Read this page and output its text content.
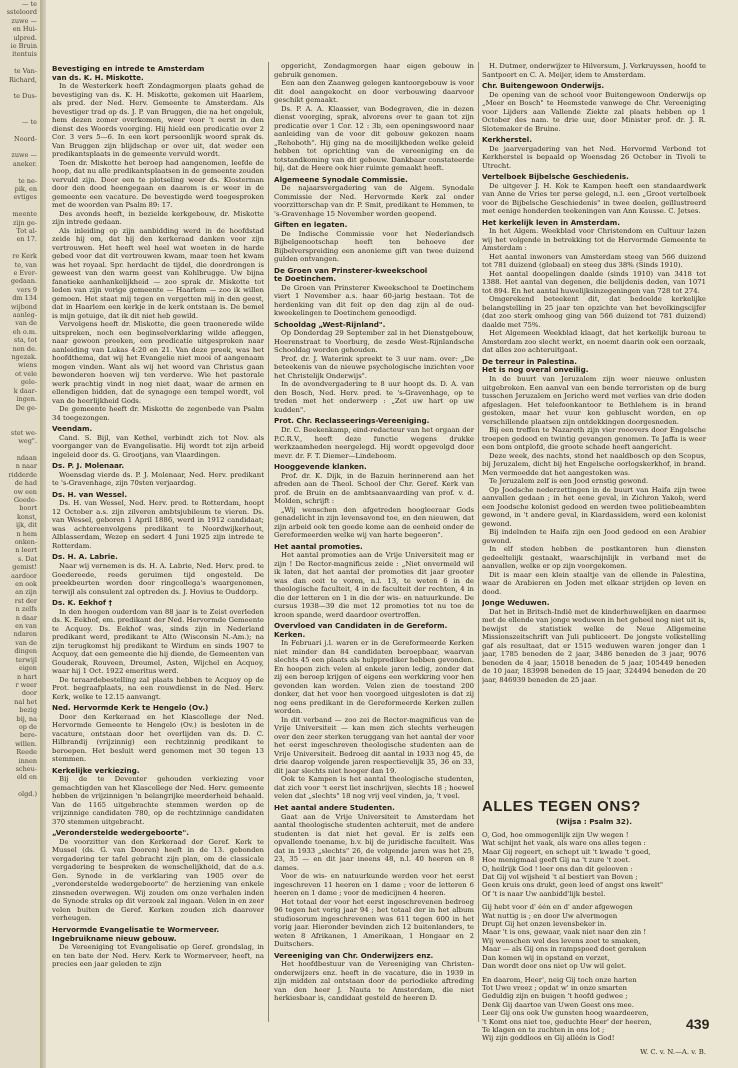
— te
ssteloord
zuwe —
en Hui-
ulpred.
ie Bruin
itentuis

te Van-
Richard,

te Dus-

— te

Noord-

zuwe —
aneker.

te ne-
pik, en
evtiges

meente
zijn ge-
Tot al-
en 17.

re Kerk
te, van
e Ever-
gedaan.
vers 9
dm 134
wijbond
aanleg-
van de
eh o.m.
sta, tot
nen de.
ngezak.
wiens
ot vele
gele-
k daar-
ingen.
De ge-

stet we-
weg".

ndaan
n naar
ridderde
de had
ow een
Goede-
boort
konst,
ijk, dit
n hem
onken-
n leert
s. Dat
gemist!
aardoor
en ook
an zijn
rst der
n zelfs
n daar
en van
ndaren
van de
dingen
terwijl
eigen
n hart
r weer
door
nal het
bezig
bij, na
op de
bere-
willen.
Reede
innen
scheu-
eld en

olgd.)
Bevestiging en intrede te Amsterdam
van ds. K. H. Miskotte.

In de Westerkerk heeft Zondagmorgen plaats gehad de bevestiging van ds. K. H. Miskotte, gekomen uit Haarlem, als pred. der Ned. Herv. Gemeente te Amsterdam. Als bevestiger trad op ds. J. P. van Bruggen, die na het ongeluk, hem dezen zomer overkomen, weer voor 't eerst in den dienst des Woords voorging. Hij hield een predicatie over 2 Cor. 3 vers 5—6. In een kort persoonlijk woord sprak ds. Van Bruggen zijn blijdschap er over uit, dat weder een predikantsplaats in de gemeente vervuld wordt.

Toen dr. Miskotte het beroep had aangenomen, leefde de hoop, dat nu alle predikantsplaatsen in de gemeente zouden vervuld zijn. Door een te plotseling weer ds. Klosterman door den dood heengegaan en daarom is er weer in de gemeente een vacature. De bevestigde werd toegesproken met de woorden van Psalm 89: 17.

Des avonds heeft, in bezielde kerkgebouw, dr. Miskotte zijn intrede gedaan.

Als inleiding op zijn aanbidding werd in de hoofdstad zeide hij om, dat hij den kerkeraad danken voor zijn vertrouwen. Het heeft wel heel wat woeten in de harde gebed voor dat dit vertrouwen kwam, maar toen het kwam was het royaal. Spr. herdacht de tijdel, die doordrongen is geweest van den warm geest van Kohlbrugge. Uw bijna fanatieke aanhankelijkheid — zoo sprak dr. Miskotte tot leden van zijn vorige gemeente — Haarlem — zoo ik willen gemoen. Het staat mij tegen en vergetten mij in den geest, dat in Haarlem een kerkje in de kerk ontstaan is. De bemel is mijn getuige, dat ik dit niet heb gewild.

Vervolgens heeft dr. Miskotte, die geen traonerede wilde uitspreken, noch een beginselverklaring wilde afleggen, naar gewoon preeken, een predicatie uitgesproken naar aanleiding van Lukas 4:20 en 21. Van deze preek, was het hoofdthema, dat wij het Evangelie niet mooi of aangenaam mogen vinden. Want als wij het woord van Christus gaan bewonderen hoeven wij ten verderve. Wie het pastorale werk prachtig vindt in nog niet daat, waar de armen en ellendigen bidden, dat de synagoge een tempel wordt, vol van de heerlijkheid Gods.

De gemeente heeft dr. Miskotte de zegenbede van Psalm 34 toegezongen.

Veendam.

Cand. S. Bijl, van Kethel, verbindt zich tot Nov. als voorganger van de Evangelisatie. Hij wordt tot zijn arbeid ingeleid door ds. G. Grootjans, van Vlaardingen.

Ds. P. J. Molenaar.

Woensdag vierde ds. P. J. Molenaar, Ned. Herv. predikant te 's-Gravenhage, zijn 70sten verjaardag.

Ds. H. van Wessel.

Ds. H. van Wessel, Ned. Herv. pred. te Rotterdam, hoopt 12 October a.s. zijn zilveren ambtsjubileum te vieren. Ds. van Wessel, geboren 1 April 1886, werd in 1912 candidaat; was achtereenvolgens predikant te Noordwijkerhout, Alblasserdam, Wezep en sedert 4 Juni 1925 zijn intrede te Rotterdam.

Ds. H. A. Labrie.

Naar wij vernemen is ds. H. A. Labrie, Ned. Herv. pred. te Goedereede, reeds geruimen tijd ongesteld. De preekbeurten worden door ringcollega's waargenomen, terwijl als consulent zal optreden ds. J. Hovius te Ouddorp.

Ds. K. Eekhof †

In den hoogen ouderdom van 88 jaar is te Zeist overleden ds. K. Eekhof, em. predikant der Ned. Hervormde Gemeente te Acquoy. Ds. Eekhof was, sinds zijn in Nederland predikant werd, predikant te Alto (Wisconsin N.-Am.); na zijn terugkomst hij predikant te Wirdum en sinds 1907 te Acquoy, dat een gemeente die hij diende, de Gemeenten van Gouderak, Rouveen, Dreumel, Asten, Wijchel en Acquoy, waar hij 1 Oct. 1922 emeritus werd.

De teraardebestelling zal plaats hebben te Acquoy op de Prot. begraafplaats, na een rouwdienst in de Ned. Herv. Kerk, welke te 12.15 aanvangt.

Ned. Hervormde Kerk te Hengelo (Ov.)

Door den Kerkeraad en het Klascollege der Ned. Hervormde Gemeente te Hengelo (Ov.) is besloten in de vacature, ontstaan door het overlijden van ds. D. C. Hilbrandij (vrijzinnig) een rechtzinnig predikant te beroepen. Het besluit werd genomen met 30 tegen 13 stemmen.

Kerkelijke verkiezing.

Bij de te Deventer gehouden verkiezing voor gemachtigden van het Klascollege der Ned. Herv. gemeente hebben de vrijzinnigen 'n belangrijke meerderheid behaald. Van de 1165 uitgebrachte stemmen werden op de vrijzinnige candidaten 780, op de rechtzinnige candidaten 370 stemmen uitgebracht.

„Veronderstelde wedergeboorte".

De voorzitter van den Kerkeraad der Geref. Kerk te Mussel (ds. G. van Dooren) heeft in de 13. gebonden vergadering ter tafel gebracht zijn plan, om de classicale vergadering te bespreken de wenschelijkheid, dat de a.s. Gen. Synode in de verklaring van 1905 over de „veronderstelde wedergeboorte" de herziening van enkele zinsneden overwegen. Wij zouden om onze verhalen inden de Synode straks op dit verzoek zal ingaan. Velen in en zeer velen buiten de Geref. Kerken zouden zich daarover verheugen.

Hervormde Evangelisatie te Wormerveer.
Ingebruikname nieuw gebouw.

De Vereeniging tot Evangelisatie op Geref. grondslag, in en ten bate der Ned. Herv. Kerk te Wormerveer, heeft, na precies een jaar geleden te zijn

opgericht, Zondagmorgen haar eigen gebouw in gebruik genomen.

Een aan den Zaanweg gelegen kantoorgebouw is voor dit doel aangekocht en door verbouwing daarvoor geschikt gemaakt.

Ds. P. A. A. Klaasser, van Bodegraven, die in dezen dienst voorging, sprak, alvorens over te gaan tot zijn predicatie over 1 Cor. 12 : 3b, een openingswoord naar aanleiding van de voor dit gebouw gekozen naam „Rehoboth". Hij ging na de moeilijkheden welke geleid hebben tot oprichting van de vereeniging en de totstandkoming van dit gebouw. Dankbaar constateerde hij, dat de Heere ook hier ruimte gemaakt heeft.

Algemeene Synodale Commissie.

De najaarsvergadering van de Algem. Synodale Commissie der Ned. Hervormde Kerk zal onder voorzitterschap van dr. P. Smit, predikant te Hemmen, te 's-Gravenhage 15 November worden geopend.

Giften en legaten.

De Indische Commissie voor het Nederlandsch Bijbelgenootschap heeft ten behoeve der Bijbelverspreiding een anonieme gift van twee duizend gulden ontvangen.

De Groen van Prinsterer-kweekschool
te Doetinchem.

De Groen van Prinsterer Kweekschool te Doetinchem viert 1 November a.s. haar 60-jarig bestaan. Tot de herdenking van dit feit op den dag zijn al de oud-kweekelingen te Doetinchem genoodigd.

Schooldag „West-Rijnland".

Op Donderdag 29 September zal in het Dienstgebouw, Heerenstraat te Voorburg, de zesde West-Rijnlandsche Schooldag worden gehouden.

Prof. dr. J. Waterink spreekt te 3 uur nam. over: „De beteekenis van de nieuwe psychologische inzichten voor het Christelijk Onderwijs".

In de avondvergadering te 8 uur hoopt ds. D. A. van den Bosch, Ned. Herv. pred. te 's-Gravenhage, op te treden met het onderwerp : „Zet uw hart op uw kudden".

Prot. Chr. Reclasseerings-Vereeniging.

Dr. C. Beekenkamp, eind-redacteur van het orgaan der P.C.R.V., heeft deze functie wegens drukke werkzaamheden neergelegd. Hij wordt opgevolgd door mevr. dr. F. T. Diemer—Lindeboom.

Hooggevende klanken.

Prof. dr. K. Dijk, in de Bazuin herinnerend aan het afreden aan de Theol. School der Chr. Geref. Kerk van prof. de Bruin en de ambtsaanvaarding van prof. v. d. Molden, schrijft :

„Wij wenschen den afgetreden hoogleeraar Gods genadelicht in zijn levensavond toe, en den nieuwen, dat zijn arbeid ook ten goede kome aan de eenheid onder de Gereformeerden welke wij van harte begeeren".

Het aantal promoties.

Het aantal promoties aan de Vrije Universiteit mag er zijn ! De Rector-magnificus zeide : „Niet onvermeld wil ik laten, dat het aantal der promoties dit jaar grooter was dan ooit te voren, n.l. 13, te weten 6 in de theologische faculteit, 4 in de faculteit der rechten, 4 in die der letteren en 1 in die der wis- en natuurkunde. De cursus 1938—39 die met 12 promoties tot nu toe de kroon spande, werd daardoor overtroffen.

Overvloed van Candidaten in de Gereform. Kerken.

In Februari j.l. waren er in de Gereformeerde Kerken niet minder dan 84 candidaten beroepbaar, waarvan slechts 45 een plaats als hulpprediker hebben gevonden. En hoopen zich velen al enkele jaren ledig, zonder dat zij een beroep krijgen of eigens een werkkring voor hen gevonden kan worden. Velen zien de toestand 200 donker, dat het voor hen voorgoed uitgesloten is dat zij nog eens predikant in de Gereformeerde Kerken zullen worden.

In dit verband — zoo zei de Rector-magnificus van de Vrije Universiteit — kan men zich slechts verheugen over den zeer sterken teruggang van het aantal der voor het eerst ingeschreven theologische studenten aan de Vrije Universiteit. Bedroeg dit aantal in 1933 nog 45, de drie daarop volgende jaren respectievelijk 35, 36 en 33, dit jaar slechts niet hooger dan 19.

Ook te Kampen is het aantal theologische studenten, dat zich voor 't eerst liet inschrijven, slechts 18 ; hoewel velen dat „slechts" 18 nog vrij veel vinden, ja, 't veel.

Het aantal andere Studenten.

Gaat aan de Vrije Universiteit te Amsterdam het aantal theologische studenten achteruit, met de andere studenten is dat niet het geval. Er is zelfs een opvallende toename, b.v. bij de juridische faculteit. Was dat in 1933 „slechts" 26, de volgende jaren was het 25, 23, 35 — en dit jaar ineens 48, n.l. 40 heeren en 8 dames.

Voor de wis- en natuurkunde werden voor het eerst ingeschreven 11 heeren en 1 dame ; voor de letteren 6 heeren en 1 dame ; voor de medicijnen 4 heeren.

Het totaal der voor het eerst ingeschrevenen bedroeg 96 tegen het vorig jaar 94 ; het totaal der in het album studiosorum ingeschrevenen was 611 tegen 600 in het vorig jaar. Hieronder bevinden zich 12 buitenlanders, te weten 8 Afrikanen, 1 Amerikaan, 1 Hongaar en 2 Duitschers.

Vereeniging van Chr. Onderwijzers enz.

Het hoofdbestuur van de Vereeniging van Christen-onderwijzers enz. heeft in de vacature, die in 1939 in zijn midden zal ontstaan door de periodieke aftreding van den heer J. Nauta te Amsterdam, die niet herkiesbaar is, candidaat gesteld de heeren D.

H. Dutmer, onderwijzer te Hilversum, J. Verkruyssen, hoofd te Santpoort en C. A. Meijer, idem te Amsterdam.

Chr. Buitengewoon Onderwijs.

De opening van de school voor Buitengewoon Onderwijs op „Meer en Bosch" te Heemstede vanwege de Chr. Vereeniging voor Lijders aan Vallende Ziekte zal plaats hebben op 1 October des nam. te drie uur, door Minister prof. dr. J. R. Slotemaker de Bruine.

Kerkherstel.

De jaarvergadering van het Ned. Hervormd Verbond tot Kerkherstel is bepaald op Woensdag 26 October in Tivoli te Utrecht.

Vertelboek Bijbelsche Geschiedenis.

De uitgever J. H. Kok te Kampen heeft een standaardwerk van Anne de Vries ter perse gelegd, n.l. een „Groot vertelboek voor de Bijbelsche Geschiedenis" in twee deelen, geïllustreerd met eenige honderden teekeningen van Ann Kausse. C. Jetses.

Het kerkelijk leven in Amsterdam.

In het Algem. Weekblad voor Christendom en Cultuur lazen wij het volgende in betrekking tot de Hervormde Gemeente te Amsterdam :

Het aantal inwoners van Amsterdam steeg van 566 duizend tot 781 duizend (globaal) en steeg dus 38% (Sinds 1910).

Het aantal doopelingen daalde (sinds 1910) van 3418 tot 1388. Het aantal van degenen, die belijdenis deden, van 1071 tot 894. En het aantal huwelijksinzegeningen van 728 tot 274.

Omgerekend beteekent dit, dat bedoelde kerkelijke belangstelling in 25 jaar ten opzichte van het bevolkingscijfer (dat zoo sterk omhoog ging van 566 duizend tot 781 duizend) daalde met 75%.

Het Algemeen Weekblad klaagt, dat het kerkelijk bureau te Amsterdam zoo slecht werkt, en noemt daarin ook een oorzaak, dat alles zoo achteruitgaat.

De terreur in Palestina.
Het is nog overal onveilig.

In de buurt van Jeruzalem zijn weer nieuwe onlusten uitgebroken. Een aanval van een bende terroristen op de burg tusschen Jeruzalem en Jericho werd met verlies van drie doden afgeslagen. Het telefoonkantoor te Bethlehem is in brand gestoken, maar het vuur kon gebluscht worden, en op verschillende plaatsen zijn ontdekkingen doorgesneden.

Bij een treffen te Nazareth zijn vier rooovers door Engelsche troepen gedood en twintig gevangen genomen. Te Jaffa is weer een bom ontplofd, die groote schade heeft aangericht.

Deze week, des nachts, stond het naaldbosch op den Scopus, bij Jeruzalem, dicht bij het Engelsche oorlogskerkhof, in brand. Men vermoedde dat het aangestoken was.

Te Jeruzalem zelf is een Jood ernstig gewond.

Op Joodsche nederzettingen in de buurt van Haifa zijn twee aanvallen gedaan ; in het eene geval, in Zichron Yakob, werd een Joodsche kolonist gedood en werden twee politiebeambten gewond, in 't andere geval, in Kiardassidem, werd een kolonist gewond.

Bij indelnden te Haifa zijn een Jood gedood en een Arabier gewond.

In elf steden hebben de postkantoren hun diensten gedeeltelijk gestaakt, waarschijnlijk in verband met de aanvallen, welke er op zijn voorgekomen.

Dit is maar een klein staaltje van de ellende in Palestina, waar de Arabieren en Joden met elkaar strijden op leven en dood.

Jonge Weduwen.

Dat het in Britsch-Indië met de kinderhuwelijken en daarmee met de ellende van jonge weduwen in het geheel nog niet uit is, bewijst de statistiek welke de Neue Allgemeine Missionszeitschrift van Juli publiceert. De jongste volkstelling gaf als resultaat, dat er 1515 weduwen waren jonger dan 1 jaar, 1785 beneden de 2 jaar, 3486 beneden de 3 jaar, 9076 beneden de 4 jaar, 15018 beneden de 5 jaar, 105449 beneden de 10 jaar, 183998 beneden de 15 jaar, 324494 beneden de 20 jaar, 846939 beneden de 25 jaar.

ALLES TEGEN ONS?
(Wijsa : Psalm 32).
O, God, hoe ommogenlijk zijn Uw wegen !
Wat schijnt het vaak, als ware ons alles tegen :
Maar Gij regeert, en schept uit 't kwade 't goed,
Hoe menigmaal geeft Gij na 't zure 't zoet.
O, heilrijk God ! leer ons dan dit gelooven :
Dat Gij vol wijsheid 't al bestiert van Boven ;
Geen kruis ons drukt, geen leed of angst ons kwelt"
Of 't is naar Uw aanbidd'lijk bestel.
Gij hebt voor d' één en d' ander afgewogen
Wat nuttig is ; en door Uw alvermogen
Drupt Gij het onzen levensbeker in.
Maar 't is ons, gewaar, vaak niet naar den zin !
Wij wenschen wel des levens zoet te smaken,
Maar — als Gij ons in rampspoed doet geraken
Dan komen wij in opstand en verzet,
Dan wordt door ons niet op Uw wil gelet.
En daarom, Heer', neig Gij toch onze harten
Tot Uwe vreez ; opdat w' in onze smarten
Geduldig zijn en buigen 't hoofd gedwee ;
Denk Gij daartoe van Uwen Geest ons mee.
Leer Gij ons ook Uw gunsten hoog waardeeren,
't Komt ons niet toe, geduchte Heer' der heeren,
Te klagen en te zuchten in ons lot ;
Wij zijn goddloos en Gij alléén is God!
W. C. v. N.—A. v. B.
439
